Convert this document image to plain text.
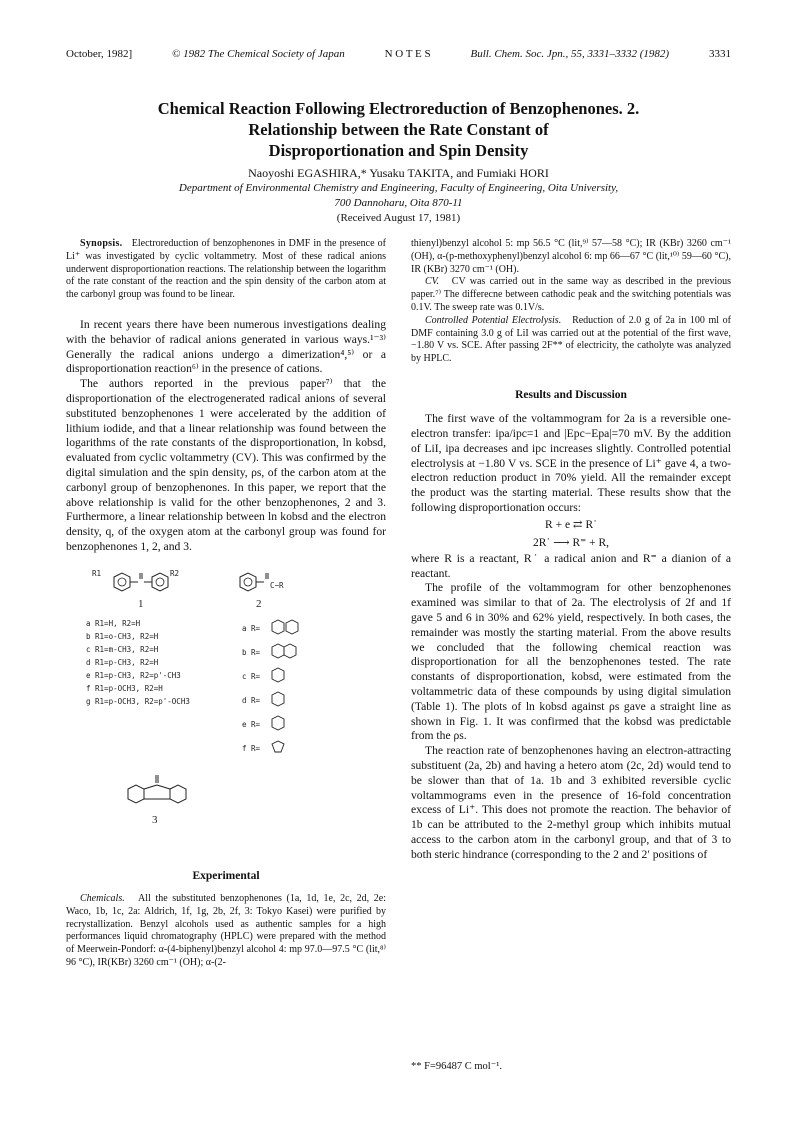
October, 1982]	© 1982 The Chemical Society of Japan	N O T E S	Bull. Chem. Soc. Jpn., 55, 3331–3332 (1982)	3331
Chemical Reaction Following Electroreduction of Benzophenones. 2.
Relationship between the Rate Constant of
Disproportionation and Spin Density
Naoyoshi EGASHIRA,* Yusaku TAKITA, and Fumiaki HORI
Department of Environmental Chemistry and Engineering, Faculty of Engineering, Oita University,
700 Dannoharu, Oita 870-11
(Received August 17, 1981)

Synopsis. Electroreduction of benzophenones in DMF in the presence of Li⁺ was investigated by cyclic voltammetry. Most of these radical anions underwent disproportionation reactions. The relationship between the logarithm of the rate constant of the reaction and the spin density of the carbon atom at the carbonyl group was found to be linear.

In recent years there have been numerous investigations dealing with the behavior of radical anions generated in various ways.¹⁻³⁾ Generally the radical anions undergo a dimerization⁴,⁵⁾ or a disproportionation reaction⁶⁾ in the presence of cations.

The authors reported in the previous paper⁷⁾ that the disproportionation of the electrogenerated radical anions of several substituted benzophenones 1 were accelerated by the addition of lithium iodide, and that a linear relationship was found between the logarithms of the rate constants of the disproportionation, ln kobsd, evaluated from cyclic voltammetry (CV). This was confirmed by the digital simulation and the spin density, ρs, of the carbon atom at the carbonyl group of benzophenones. In this paper, we report that the above relationship is valid for the other benzophenones, 2 and 3. Furthermore, a linear relationship between ln kobsd and the electron density, q, of the oxygen atom at the carbonyl group was found for benzophenones 1, 2, and 3.

R1	R2
1
C−R
2
a R1=H, R2=H
b R1=o-CH3, R2=H
c R1=m-CH3, R2=H
d R1=p-CH3, R2=H
e R1=p-CH3, R2=p'-CH3
f R1=p-OCH3, R2=H
g R1=p-OCH3, R2=p'-OCH3
a R=
b R=
c R=
d R=
e R=
f R=
3
Experimental

Chemicals. All the substituted benzophenones (1a, 1d, 1e, 2c, 2d, 2e: Waco, 1b, 1c, 2a: Aldrich, 1f, 1g, 2b, 2f, 3: Tokyo Kasei) were purified by recrystallization. Benzyl alcohols used as authentic samples for a high performances liquid chromatography (HPLC) were prepared with the method of Meerwein-Pondorf: α-(4-biphenyl)benzyl alcohol 4: mp 97.0—97.5 °C (lit,⁸⁾ 96 °C), IR(KBr) 3260 cm⁻¹ (OH); α-(2-

thienyl)benzyl alcohol 5: mp 56.5 °C (lit,⁹⁾ 57—58 °C); IR (KBr) 3260 cm⁻¹ (OH), α-(p-methoxyphenyl)benzyl alcohol 6: mp 66—67 °C (lit,¹⁰⁾ 59—60 °C), IR (KBr) 3270 cm⁻¹ (OH).

CV. CV was carried out in the same way as described in the previous paper.⁷⁾ The differecne between cathodic peak and the switching potentials was 0.1V. The sweep rate was 0.1V/s.

Controlled Potential Electrolysis. Reduction of 2.0 g of 2a in 100 ml of DMF containing 3.0 g of LiI was carried out at the potential of the first wave, −1.80 V vs. SCE. After passing 2F** of electricity, the catholyte was analyzed by HPLC.

Results and Discussion

The first wave of the voltammogram for 2a is a reversible one-electron transfer: ipa/ipc=1 and |Epc−Epa|=70 mV. By the addition of LiI, ipa decreases and ipc increases slightly. Controlled potential electrolysis at −1.80 V vs. SCE in the presence of Li⁺ gave 4, a two-electron reduction product in 70% yield. All the remainder except the product was the starting material. These results show that the following disproportionation occurs:

R + e ⇄ R˙
2R˙ ⟶ R⁼ + R,

where R is a reactant, R˙ a radical anion and R⁼ a dianion of a reactant.

The profile of the voltammogram for other benzophenones examined was similar to that of 2a. The electrolysis of 2f and 1f gave 5 and 6 in 30% and 62% yield, respectively. In both cases, the remainder was mostly the starting material. From the above results we concluded that the following chemical reaction was disproportionation for all the benzophenones tested. The rate constants of disproportionation, kobsd, were estimated from the voltammetric data of these compounds by using digital simulation (Table 1). The plots of ln kobsd against ρs gave a straight line as shown in Fig. 1. It was confirmed that the kobsd was predictable from the ρs.

The reaction rate of benzophenones having an electron-attracting substituent (2a, 2b) and having a hetero atom (2c, 2d) would tend to be slower than that of 1a. 1b and 3 exhibited reversible cyclic voltammograms even in the presence of 16-fold concentration excess of Li⁺. This does not promote the reaction. The behavior of 1b can be attributed to the 2-methyl group which inhibits mutual access to the carbon atom in the carbonyl group, and that of 3 to both steric hindrance (corresponding to the 2 and 2′ positions of

** F=96487 C mol⁻¹.
